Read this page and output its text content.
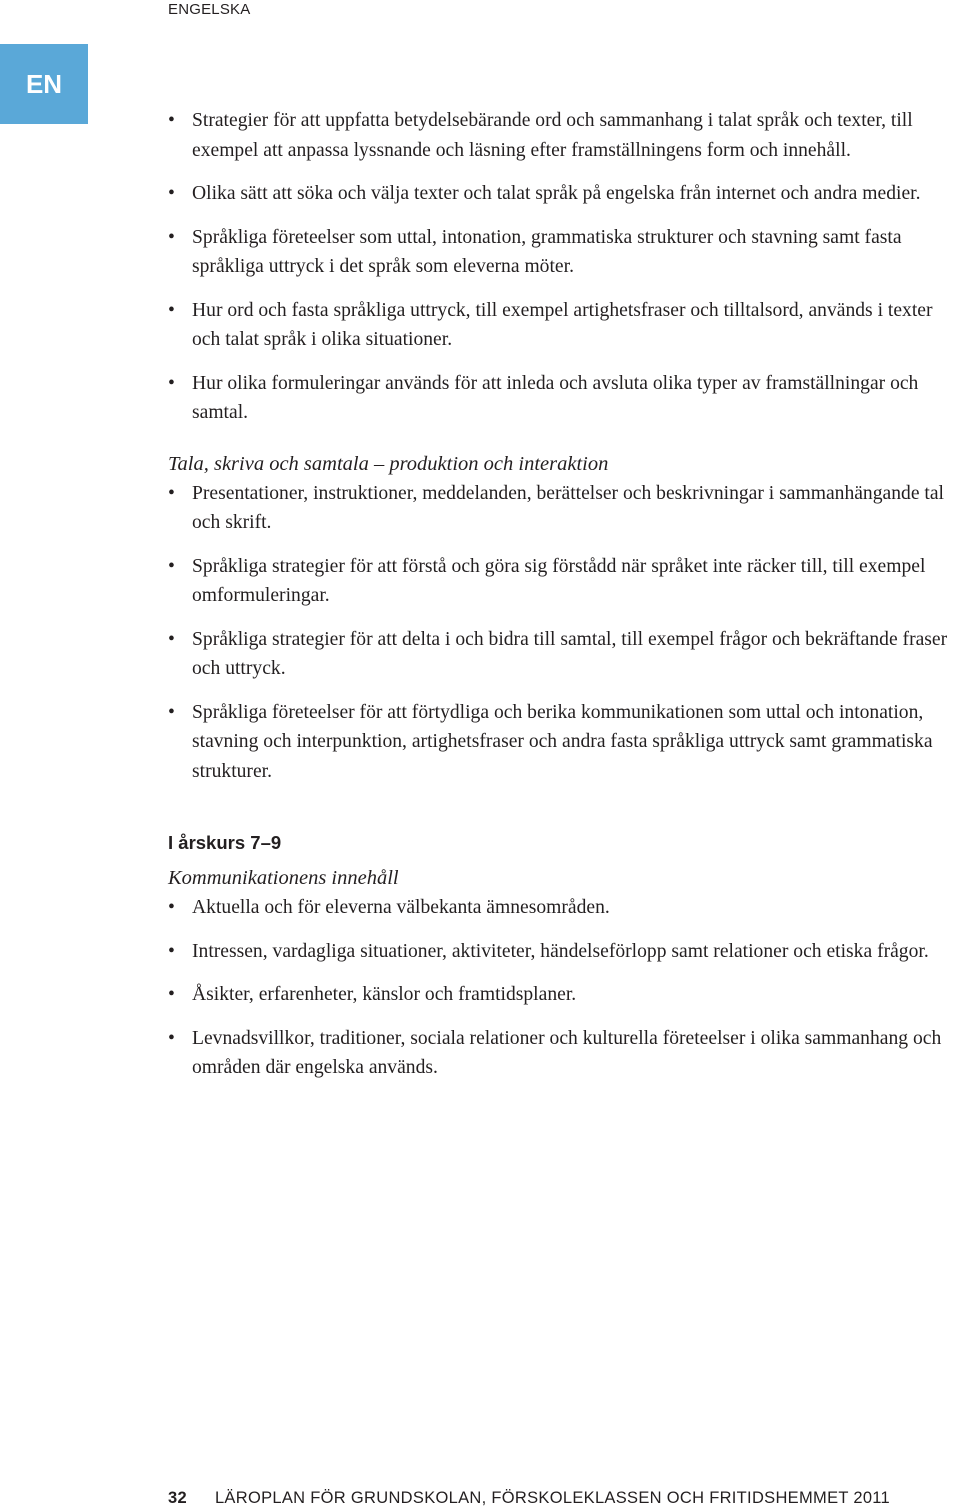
ENGELSKA
EN
• Strategier för att uppfatta betydelsebärande ord och sammanhang i talat språk och texter, till exempel att anpassa lyssnande och läsning efter framställningens form och innehåll.
• Olika sätt att söka och välja texter och talat språk på engelska från internet och andra medier.
• Språkliga företeelser som uttal, intonation, grammatiska strukturer och stavning samt fasta språkliga uttryck i det språk som eleverna möter.
• Hur ord och fasta språkliga uttryck, till exempel artighetsfraser och tilltalsord, används i texter och talat språk i olika situationer.
• Hur olika formuleringar används för att inleda och avsluta olika typer av framställningar och samtal.
Tala, skriva och samtala – produktion och interaktion
• Presentationer, instruktioner, meddelanden, berättelser och beskrivningar i sammanhängande tal och skrift.
• Språkliga strategier för att förstå och göra sig förstådd när språket inte räcker till, till exempel omformuleringar.
• Språkliga strategier för att delta i och bidra till samtal, till exempel frågor och bekräftande fraser och uttryck.
• Språkliga företeelser för att förtydliga och berika kommunikationen som uttal och intonation, stavning och interpunktion, artighetsfraser och andra fasta språkliga uttryck samt grammatiska strukturer.
I årskurs 7–9
Kommunikationens innehåll
• Aktuella och för eleverna välbekanta ämnesområden.
• Intressen, vardagliga situationer, aktiviteter, händelseförlopp samt relationer och etiska frågor.
• Åsikter, erfarenheter, känslor och framtidsplaner.
• Levnadsvillkor, traditioner, sociala relationer och kulturella företeelser i olika sammanhang och områden där engelska används.
32 LÄROPLAN FÖR GRUNDSKOLAN, FÖRSKOLEKLASSEN OCH FRITIDSHEMMET 2011
